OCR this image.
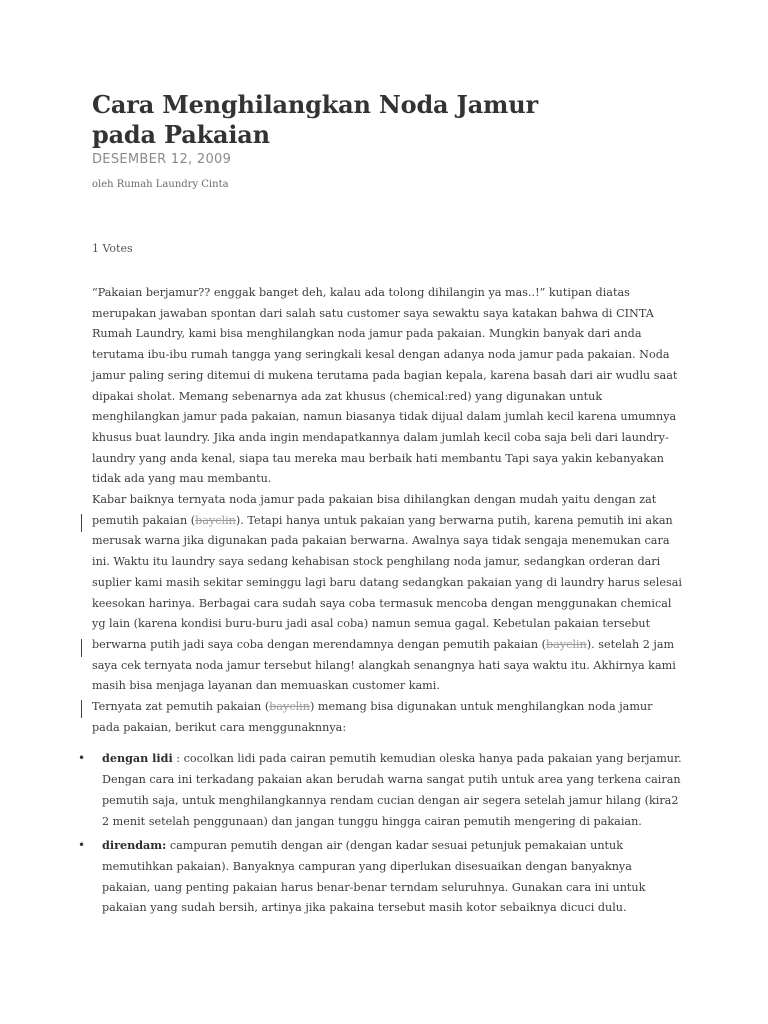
Cara Menghilangkan Noda Jamur pada Pakaian
DESEMBER 12, 2009
oleh Rumah Laundry Cinta
1 Votes

“Pakaian berjamur?? enggak banget deh, kalau ada tolong dihilangin ya mas..!” kutipan diatas merupakan jawaban spontan dari salah satu customer saya sewaktu saya katakan bahwa di CINTA Rumah Laundry, kami bisa menghilangkan noda jamur pada pakaian. Mungkin banyak dari anda terutama ibu-ibu rumah tangga yang seringkali kesal dengan adanya noda jamur pada pakaian. Noda jamur paling sering ditemui di mukena terutama pada bagian kepala, karena basah dari air wudlu saat dipakai sholat. Memang sebenarnya ada zat khusus (chemical:red) yang digunakan untuk menghilangkan jamur pada pakaian, namun biasanya tidak dijual dalam jumlah kecil karena umumnya khusus buat laundry. Jika anda ingin mendapatkannya dalam jumlah kecil coba saja beli dari laundry-laundry yang anda kenal, siapa tau mereka mau berbaik hati membantu Tapi saya yakin kebanyakan tidak ada yang mau membantu.

Kabar baiknya ternyata noda jamur pada pakaian bisa dihilangkan dengan mudah yaitu dengan zat pemutih pakaian (bayclin). Tetapi hanya untuk pakaian yang berwarna putih, karena pemutih ini akan merusak warna jika digunakan pada pakaian berwarna. Awalnya saya tidak sengaja menemukan cara ini. Waktu itu laundry saya sedang kehabisan stock penghilang noda jamur, sedangkan orderan dari suplier kami masih sekitar seminggu lagi baru datang sedangkan pakaian yang di laundry harus selesai keesokan harinya. Berbagai cara sudah saya coba termasuk mencoba dengan menggunakan chemical yg lain (karena kondisi buru-buru jadi asal coba) namun semua gagal. Kebetulan pakaian tersebut berwarna putih jadi saya coba dengan merendamnya dengan pemutih pakaian (bayclin). setelah 2 jam saya cek ternyata noda jamur tersebut hilang! alangkah senangnya hati saya waktu itu. Akhirnya kami masih bisa menjaga layanan dan memuaskan customer kami.

Ternyata zat pemutih pakaian (bayclin) memang bisa digunakan untuk menghilangkan noda jamur pada pakaian, berikut cara menggunaknnya:

• dengan lidi : cocolkan lidi pada cairan pemutih kemudian oleska hanya pada pakaian yang berjamur. Dengan cara ini terkadang pakaian akan berudah warna sangat putih untuk area yang terkena cairan pemutih saja, untuk menghilangkannya rendam cucian dengan air segera setelah jamur hilang (kira2 2 menit setelah penggunaan) dan jangan tunggu hingga cairan pemutih mengering di pakaian.
• direndam: campuran pemutih dengan air (dengan kadar sesuai petunjuk pemakaian untuk memutihkan pakaian). Banyaknya campuran yang diperlukan disesuaikan dengan banyaknya pakaian, uang penting pakaian harus benar-benar terndam seluruhnya. Gunakan cara ini untuk pakaian yang sudah bersih, artinya jika pakaina tersebut masih kotor sebaiknya dicuci dulu.
